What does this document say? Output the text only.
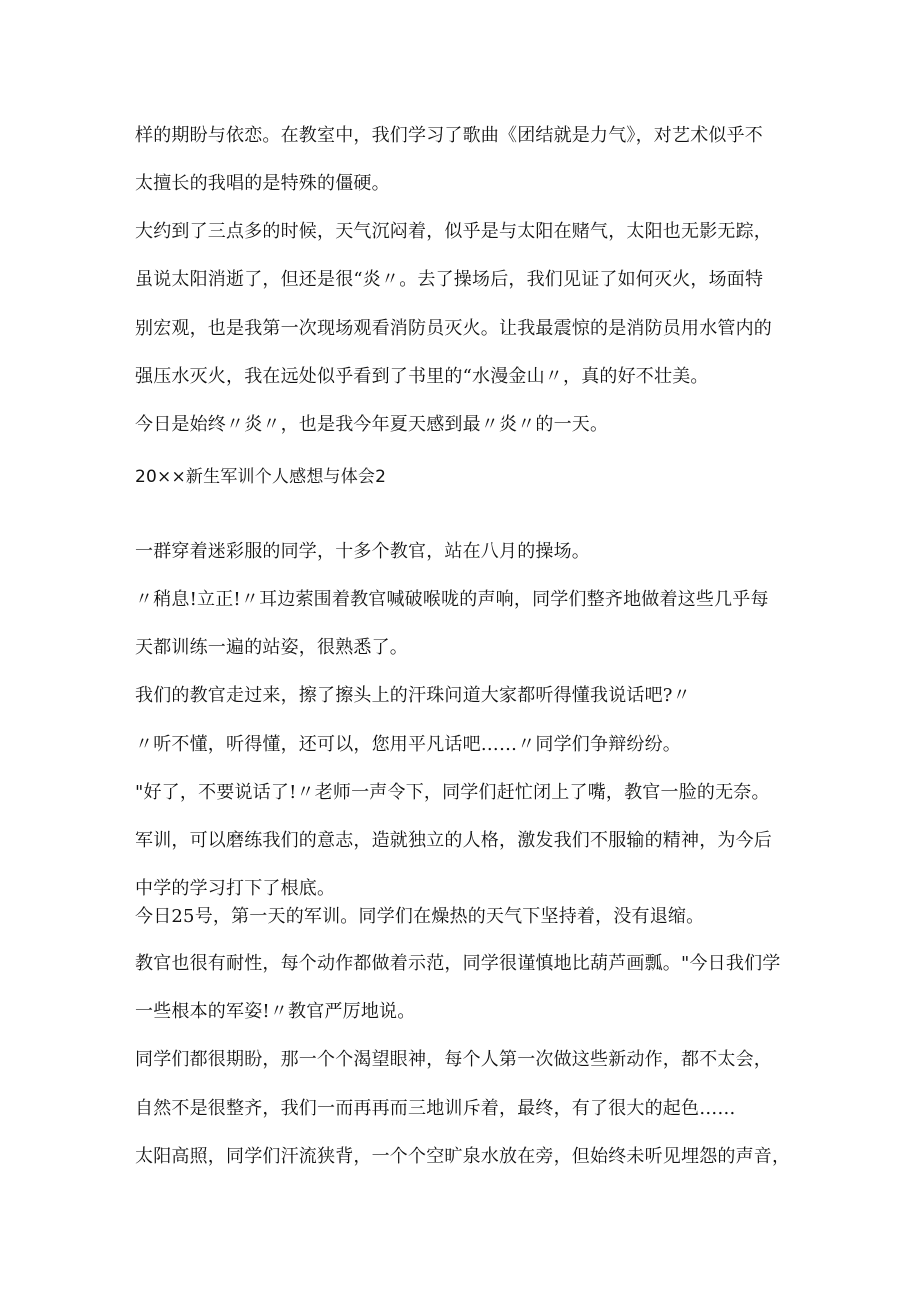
样的期盼与依恋。在教室中，我们学习了歌曲《团结就是力气》，对艺术似乎不
太擅长的我唱的是特殊的僵硬。
大约到了三点多的时候，天气沉闷着，似乎是与太阳在赌气，太阳也无影无踪，
虽说太阳消逝了，但还是很“炎〃。去了操场后，我们见证了如何灭火，场面特
别宏观，也是我第一次现场观看消防员灭火。让我最震惊的是消防员用水管内的
强压水灭火，我在远处似乎看到了书里的“水漫金山〃，真的好不壮美。
今日是始终〃炎〃，也是我今年夏天感到最〃炎〃的一天。
20××新生军训个人感想与体会2
一群穿着迷彩服的同学，十多个教官，站在八月的操场。
〃稍息!立正!〃耳边萦围着教官喊破喉咙的声响，同学们整齐地做着这些几乎每
天都训练一遍的站姿，很熟悉了。
我们的教官走过来，擦了擦头上的汗珠问道大家都听得懂我说话吧?〃
〃听不懂，听得懂，还可以，您用平凡话吧……〃同学们争辩纷纷。
"好了，不要说话了!〃老师一声令下，同学们赶忙闭上了嘴，教官一脸的无奈。
军训，可以磨练我们的意志，造就独立的人格，激发我们不服输的精神，为今后
中学的学习打下了根底。
今日25号，第一天的军训。同学们在燥热的天气下坚持着，没有退缩。
教官也很有耐性，每个动作都做着示范，同学很谨慎地比葫芦画瓢。"今日我们学
一些根本的军姿!〃教官严厉地说。
同学们都很期盼，那一个个渴望眼神，每个人第一次做这些新动作，都不太会，
自然不是很整齐，我们一而再再而三地训斥着，最终，有了很大的起色……
太阳高照，同学们汗流狭背，一个个空旷泉水放在旁，但始终未听见埋怨的声音，
